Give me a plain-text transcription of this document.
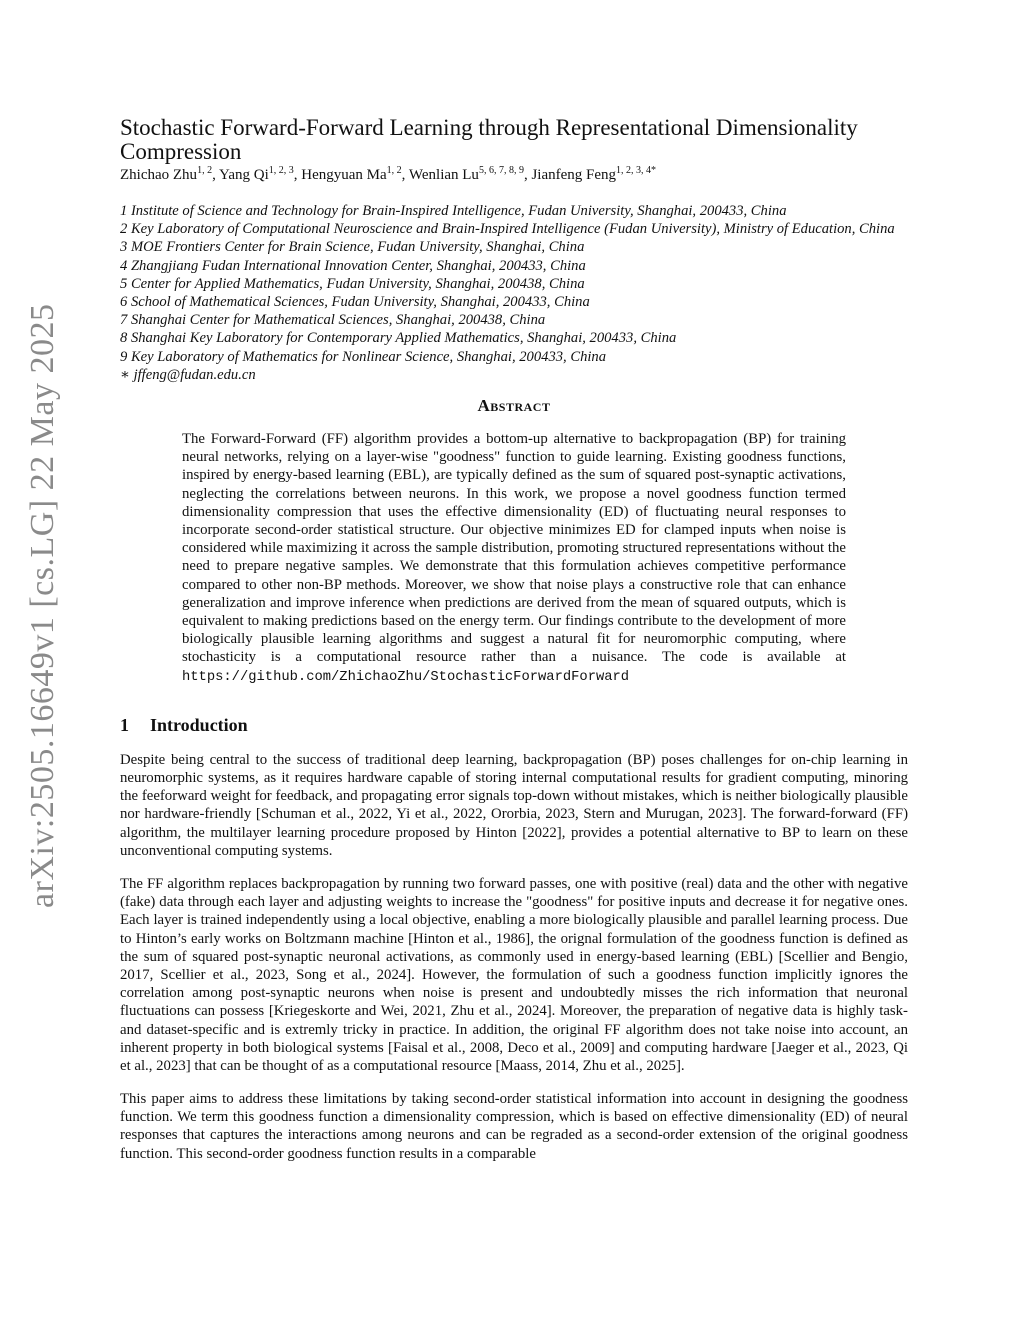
arXiv:2505.16649v1 [cs.LG] 22 May 2025
Stochastic Forward-Forward Learning through Representational Dimensionality Compression
Zhichao Zhu$^{1, 2}$, Yang Qi$^{1, 2, 3}$, Hengyuan Ma$^{1, 2}$, Wenlian Lu$^{5, 6, 7, 8, 9}$, Jianfeng Feng$^{1, 2, 3, 4*}$
1 Institute of Science and Technology for Brain-Inspired Intelligence, Fudan University, Shanghai, 200433, China
2 Key Laboratory of Computational Neuroscience and Brain-Inspired Intelligence (Fudan University), Ministry of Education, China
3 MOE Frontiers Center for Brain Science, Fudan University, Shanghai, China
4 Zhangjiang Fudan International Innovation Center, Shanghai, 200433, China
5 Center for Applied Mathematics, Fudan University, Shanghai, 200438, China
6 School of Mathematical Sciences, Fudan University, Shanghai, 200433, China
7 Shanghai Center for Mathematical Sciences, Shanghai, 200438, China
8 Shanghai Key Laboratory for Contemporary Applied Mathematics, Shanghai, 200433, China
9 Key Laboratory of Mathematics for Nonlinear Science, Shanghai, 200433, China
∗ jffeng@fudan.edu.cn
Abstract

The Forward-Forward (FF) algorithm provides a bottom-up alternative to backpropagation (BP) for training neural networks, relying on a layer-wise "goodness" function to guide learning. Existing goodness functions, inspired by energy-based learning (EBL), are typically defined as the sum of squared post-synaptic activations, neglecting the correlations between neurons. In this work, we propose a novel goodness function termed dimensionality compression that uses the effective dimensionality (ED) of fluctuating neural responses to incorporate second-order statistical structure. Our objective minimizes ED for clamped inputs when noise is considered while maximizing it across the sample distribution, promoting structured representations without the need to prepare negative samples. We demonstrate that this formulation achieves competitive performance compared to other non-BP methods. Moreover, we show that noise plays a constructive role that can enhance generalization and improve inference when predictions are derived from the mean of squared outputs, which is equivalent to making predictions based on the energy term. Our findings contribute to the development of more biologically plausible learning algorithms and suggest a natural fit for neuromorphic computing, where stochasticity is a computational resource rather than a nuisance. The code is available at https://github.com/ZhichaoZhu/StochasticForwardForward

1 Introduction

Despite being central to the success of traditional deep learning, backpropagation (BP) poses challenges for on-chip learning in neuromorphic systems, as it requires hardware capable of storing internal computational results for gradient computing, minoring the feeforward weight for feedback, and propagating error signals top-down without mistakes, which is neither biologically plausible nor hardware-friendly [Schuman et al., 2022, Yi et al., 2022, Ororbia, 2023, Stern and Murugan, 2023]. The forward-forward (FF) algorithm, the multilayer learning procedure proposed by Hinton [2022], provides a potential alternative to BP to learn on these unconventional computing systems.

The FF algorithm replaces backpropagation by running two forward passes, one with positive (real) data and the other with negative (fake) data through each layer and adjusting weights to increase the "goodness" for positive inputs and decrease it for negative ones. Each layer is trained independently using a local objective, enabling a more biologically plausible and parallel learning process. Due to Hinton’s early works on Boltzmann machine [Hinton et al., 1986], the orignal formulation of the goodness function is defined as the sum of squared post-synaptic neuronal activations, as commonly used in energy-based learning (EBL) [Scellier and Bengio, 2017, Scellier et al., 2023, Song et al., 2024]. However, the formulation of such a goodness function implicitly ignores the correlation among post-synaptic neurons when noise is present and undoubtedly misses the rich information that neuronal fluctuations can possess [Kriegeskorte and Wei, 2021, Zhu et al., 2024]. Moreover, the preparation of negative data is highly task- and dataset-specific and is extremly tricky in practice. In addition, the original FF algorithm does not take noise into account, an inherent property in both biological systems [Faisal et al., 2008, Deco et al., 2009] and computing hardware [Jaeger et al., 2023, Qi et al., 2023] that can be thought of as a computational resource [Maass, 2014, Zhu et al., 2025].

This paper aims to address these limitations by taking second-order statistical information into account in designing the goodness function. We term this goodness function a dimensionality compression, which is based on effective dimensionality (ED) of neural responses that captures the interactions among neurons and can be regraded as a second-order extension of the original goodness function. This second-order goodness function results in a comparable
